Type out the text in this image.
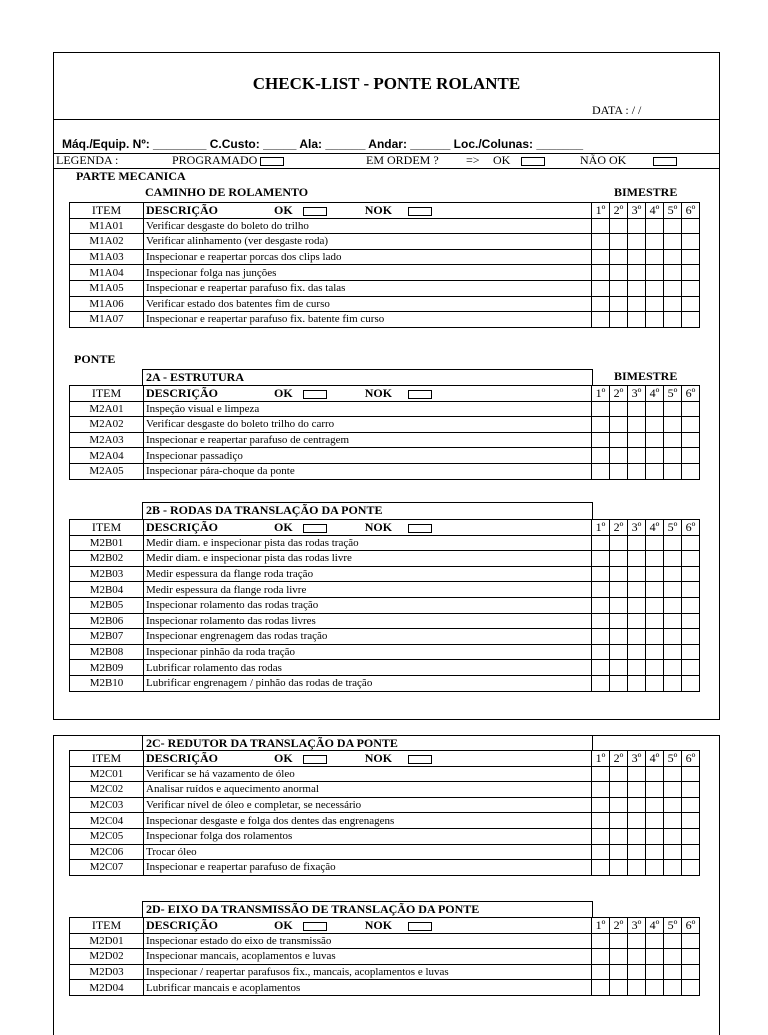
CHECK-LIST - PONTE ROLANTE
DATA : / /
Máq./Equip. Nº: ________ C.Custo: _____ Ala: ______ Andar: ______ Loc./Colunas: _______
LEGENDA :	PROGRAMADO	EM ORDEM ? => OK	NÃO OK
PARTE MECANICA
CAMINHO DE ROLAMENTO	BIMESTRE
ITEM	DESCRIÇÃO OK NOK	1º	2º	3º	4º	5º	6º
M1A01	Verificar desgaste do boleto do trilho						
M1A02	Verificar alinhamento (ver desgaste roda)						
M1A03	Inspecionar e reapertar porcas dos clips lado						
M1A04	Inspecionar folga nas junções						
M1A05	Inspecionar e reapertar parafuso fix. das talas						
M1A06	Verificar estado dos batentes fim de curso						
M1A07	Inspecionar e reapertar parafuso fix. batente fim curso						
PONTE
2A - ESTRUTURA	BIMESTRE
ITEM	DESCRIÇÃO OK NOK	1º	2º	3º	4º	5º	6º
M2A01	Inspeção visual e limpeza						
M2A02	Verificar desgaste do boleto trilho do carro						
M2A03	Inspecionar e reapertar parafuso de centragem						
M2A04	Inspecionar passadiço						
M2A05	Inspecionar pára-choque da ponte						
2B - RODAS DA TRANSLAÇÃO DA PONTE
ITEM	DESCRIÇÃO OK NOK	1º	2º	3º	4º	5º	6º
M2B01	Medir diam. e inspecionar pista das rodas tração						
M2B02	Medir diam. e inspecionar pista das rodas livre						
M2B03	Medir espessura da flange roda tração						
M2B04	Medir espessura da flange roda livre						
M2B05	Inspecionar rolamento das rodas tração						
M2B06	Inspecionar rolamento das rodas livres						
M2B07	Inspecionar engrenagem das rodas tração						
M2B08	Inspecionar pinhão da roda tração						
M2B09	Lubrificar rolamento das rodas						
M2B10	Lubrificar engrenagem / pinhão das rodas de tração						
2C- REDUTOR DA TRANSLAÇÃO DA PONTE
ITEM	DESCRIÇÃO OK NOK	1º	2º	3º	4º	5º	6º
M2C01	Verificar se há vazamento de óleo						
M2C02	Analisar ruídos e aquecimento anormal						
M2C03	Verificar nível de óleo e completar, se necessário						
M2C04	Inspecionar desgaste e folga dos dentes das engrenagens						
M2C05	Inspecionar folga dos rolamentos						
M2C06	Trocar óleo						
M2C07	Inspecionar e reapertar parafuso de fixação						
2D- EIXO DA TRANSMISSÃO DE TRANSLAÇÃO DA PONTE
ITEM	DESCRIÇÃO OK NOK	1º	2º	3º	4º	5º	6º
M2D01	Inspecionar estado do eixo de transmissão						
M2D02	Inspecionar mancais, acoplamentos e luvas						
M2D03	Inspecionar / reapertar parafusos fix., mancais, acoplamentos e luvas						
M2D04	Lubrificar mancais e acoplamentos						
